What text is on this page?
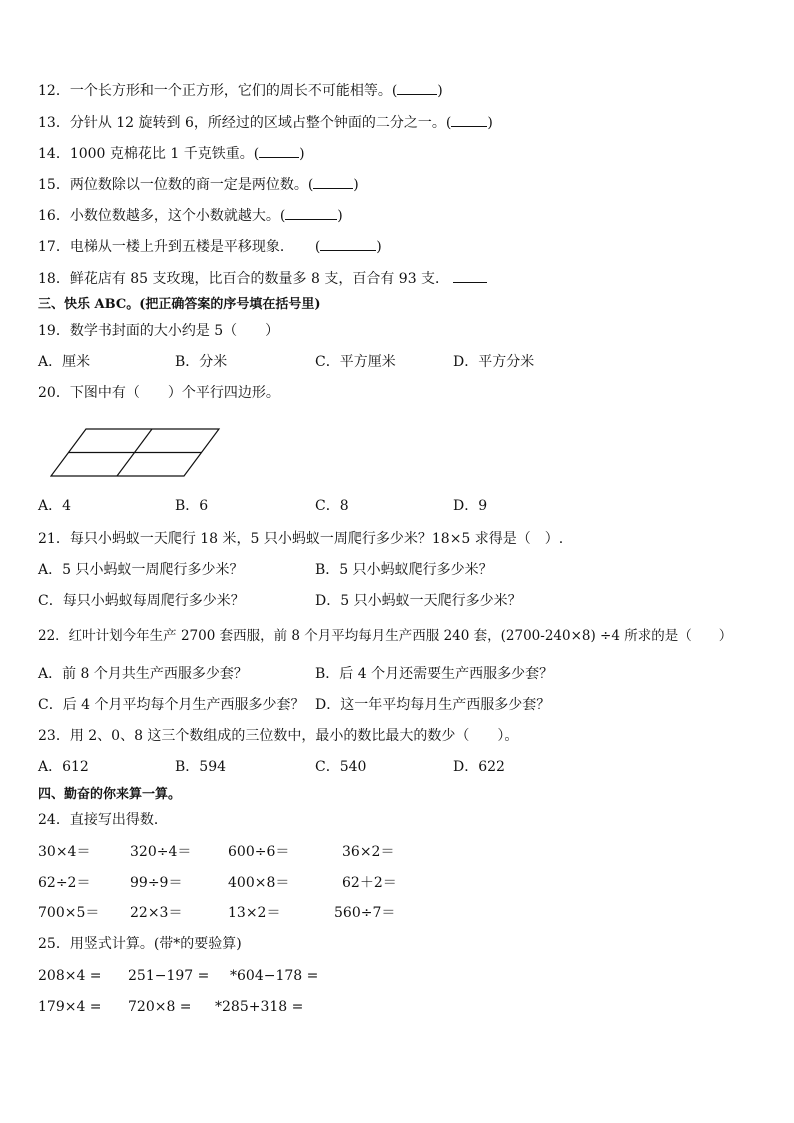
12．一个长方形和一个正方形，它们的周长不可能相等。(	)
13．分针从 12 旋转到 6，所经过的区域占整个钟面的二分之一。(	)
14．1000 克棉花比 1 千克铁重。(	)
15．两位数除以一位数的商一定是两位数。(	)
16．小数位数越多，这个小数就越大。(	)
17．电梯从一楼上升到五楼是平移现象．　　(	)
18．鲜花店有 85 支玫瑰，比百合的数量多 8 支，百合有 93 支．
三、快乐 ABC。(把正确答案的序号填在括号里)
19．数学书封面的大小约是 5（　　）
A．厘米	B．分米	C．平方厘米	D．平方分米
20．下图中有（　　）个平行四边形。
A．4	B．6	C．8	D．9
21．每只小蚂蚁一天爬行 18 米，5 只小蚂蚁一周爬行多少米？18×5 求得是（　）.
A．5 只小蚂蚁一周爬行多少米？	B．5 只小蚂蚁爬行多少米？
C．每只小蚂蚁每周爬行多少米？	D．5 只小蚂蚁一天爬行多少米？
22．红叶计划今年生产 2700 套西服，前 8 个月平均每月生产西服 240 套，(2700-240×8) ÷4 所求的是（　　）
A．前 8 个月共生产西服多少套？	B．后 4 个月还需要生产西服多少套？
C．后 4 个月平均每个月生产西服多少套？ D．这一年平均每月生产西服多少套？
23．用 2、0、8 这三个数组成的三位数中，最小的数比最大的数少（　　）。
A．612	B．594	C．540	D．622
四、勤奋的你来算一算。
24．直接写出得数．
30×4＝	320÷4＝	600÷6＝	36×2＝
62÷2＝	99÷9＝	400×8＝	62＋2＝
700×5＝ 22×3＝	13×2＝	560÷7＝
25．用竖式计算。(带*的要验算)
208×4 = 251−197 = *604−178 =
179×4 = 720×8 = *285+318 =
